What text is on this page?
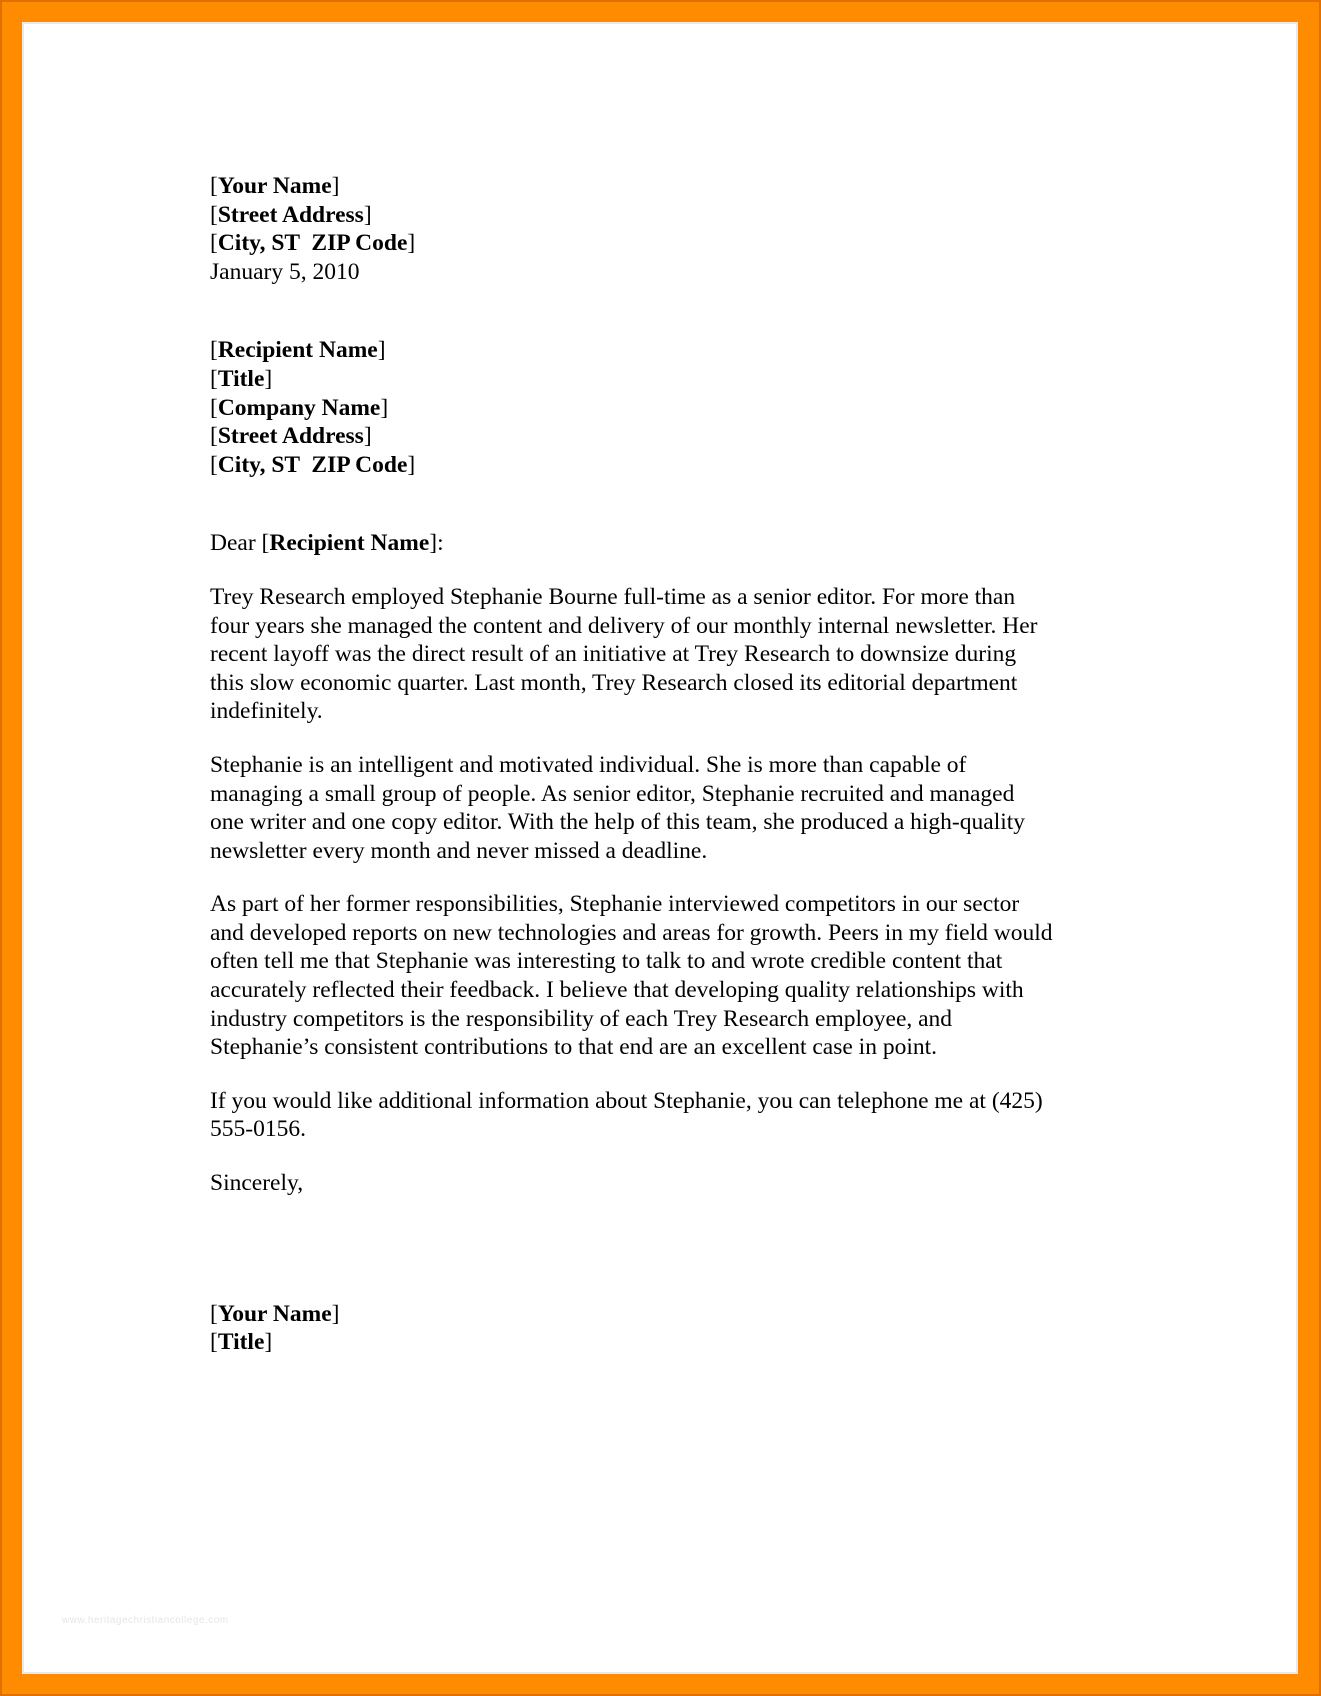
www.heritagechristiancollege.com
[Your Name]
[Street Address]
[City, ST  ZIP Code]
January 5, 2010
[Recipient Name]
[Title]
[Company Name]
[Street Address]
[City, ST  ZIP Code]

Dear [Recipient Name]:

Trey Research employed Stephanie Bourne full-time as a senior editor. For more than
four years she managed the content and delivery of our monthly internal newsletter. Her
recent layoff was the direct result of an initiative at Trey Research to downsize during
this slow economic quarter. Last month, Trey Research closed its editorial department
indefinitely.

Stephanie is an intelligent and motivated individual. She is more than capable of
managing a small group of people. As senior editor, Stephanie recruited and managed
one writer and one copy editor. With the help of this team, she produced a high-quality
newsletter every month and never missed a deadline.

As part of her former responsibilities, Stephanie interviewed competitors in our sector
and developed reports on new technologies and areas for growth. Peers in my field would
often tell me that Stephanie was interesting to talk to and wrote credible content that
accurately reflected their feedback. I believe that developing quality relationships with
industry competitors is the responsibility of each Trey Research employee, and
Stephanie’s consistent contributions to that end are an excellent case in point.

If you would like additional information about Stephanie, you can telephone me at (425)
555-0156.

Sincerely,

[Your Name]
[Title]
